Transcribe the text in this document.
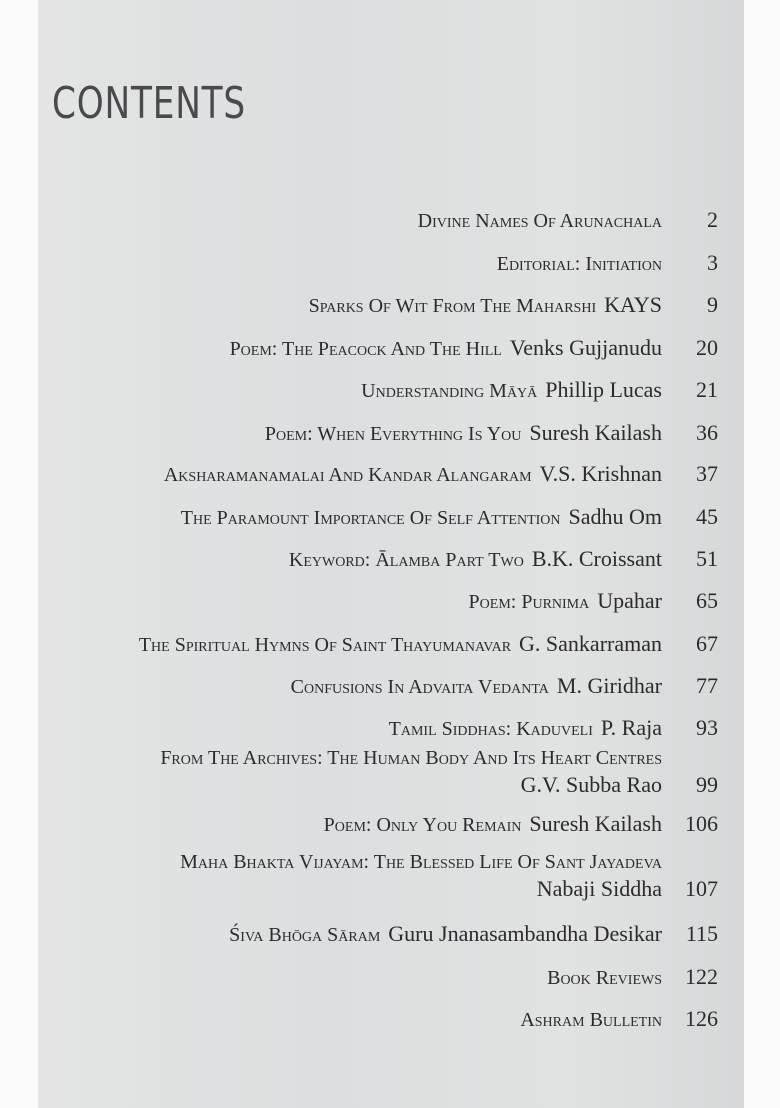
CONTENTS
Divine Names Of Arunachala 2
Editorial: Initiation 3
Sparks Of Wit From The Maharshi KAYS 9
Poem: The Peacock And The Hill Venks Gujjanudu 20
Understanding Māyā Phillip Lucas 21
Poem: When Everything Is You Suresh Kailash 36
Aksharamanamalai And Kandar Alangaram V.S. Krishnan 37
The Paramount Importance Of Self Attention Sadhu Om 45
Keyword: Ālamba Part Two B.K. Croissant 51
Poem: Purnima Upahar 65
The Spiritual Hymns Of Saint Thayumanavar G. Sankarraman 67
Confusions In Advaita Vedanta M. Giridhar 77
Tamil Siddhas: Kaduveli P. Raja 93
From The Archives: The Human Body And Its Heart Centres
G.V. Subba Rao 99
Poem: Only You Remain Suresh Kailash 106
Maha Bhakta Vijayam: The Blessed Life Of Sant Jayadeva
Nabaji Siddha 107
Śiva Bhōga Sāram Guru Jnanasambandha Desikar 115
Book Reviews 122
Ashram Bulletin 126
